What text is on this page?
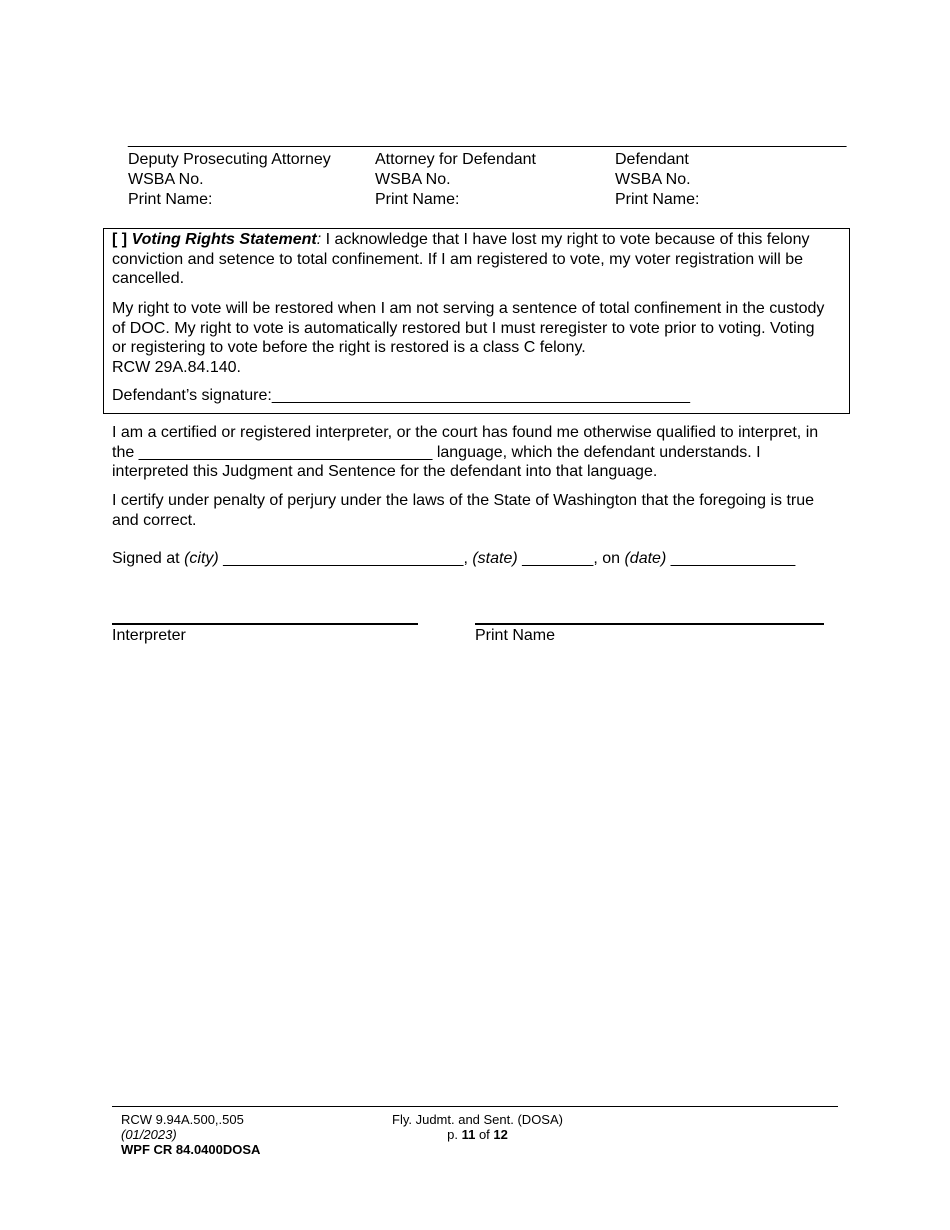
____________________________
Deputy Prosecuting Attorney
WSBA No.
Print Name:
___________________________
Attorney for Defendant
WSBA No.
Print Name:
__________________________
Defendant
WSBA No.
Print Name:
[ ] Voting Rights Statement: I acknowledge that I have lost my right to vote because of this felony conviction and setence to total confinement. If I am registered to vote, my voter registration will be cancelled.
My right to vote will be restored when I am not serving a sentence of total confinement in the custody of DOC. My right to vote is automatically restored but I must reregister to vote prior to voting. Voting or registering to vote before the right is restored is a class C felony.
RCW 29A.84.140.
Defendant’s signature:_______________________________________________
I am a certified or registered interpreter, or the court has found me otherwise qualified to interpret, in the _________________________________ language, which the defendant understands. I interpreted this Judgment and Sentence for the defendant into that language.
I certify under penalty of perjury under the laws of the State of Washington that the foregoing is true and correct.
Signed at (city) ___________________________, (state) ________, on (date) ______________
Interpreter	Print Name
RCW 9.94A.500,.505
(01/2023)
WPF CR 84.0400DOSA
Fly. Judmt. and Sent. (DOSA)
p. 11 of 12
